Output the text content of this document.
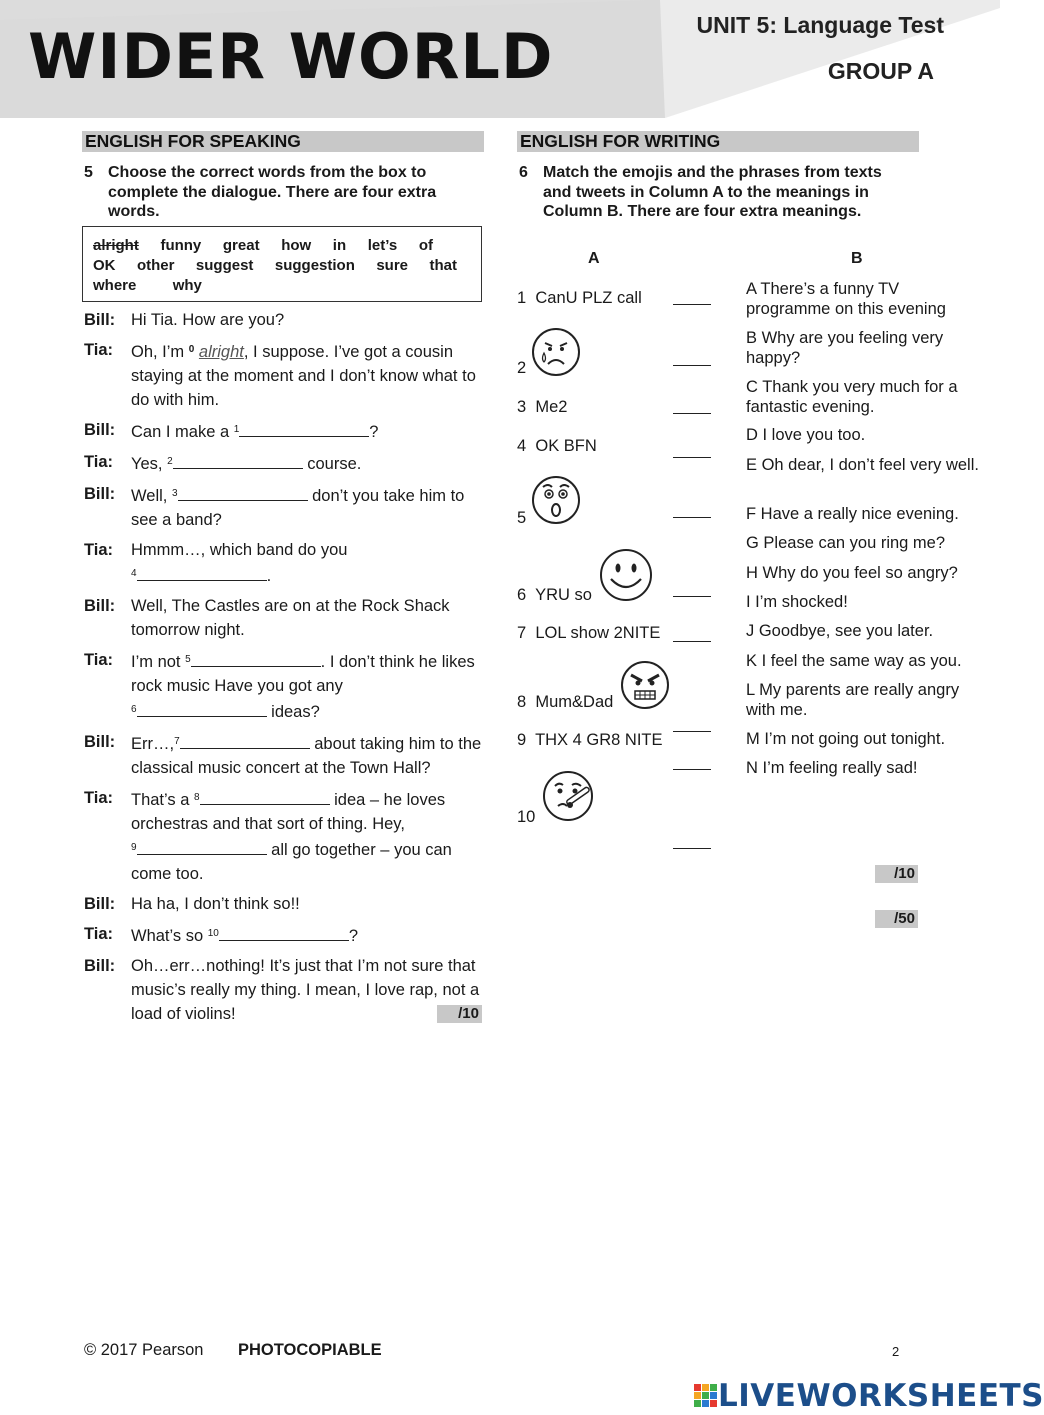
WIDER WORLD	UNIT 5: Language Test
GROUP A
ENGLISH FOR SPEAKING
5 Choose the correct words from the box to complete the dialogue. There are four extra words.
alright funny great how in let’s of
OK other suggest suggestion sure that
where why
Bill: Hi Tia. How are you?
Tia: Oh, I’m $^0$ alright, I suppose. I’ve got a cousin staying at the moment and I don’t know what to do with him.
Bill: Can I make a $^1$	?
Tia: Yes, $^2$	course.
Bill: Well, $^3$	don’t you take him to see a band?
Tia: Hmmm…, which band do you
$^4$	.
Bill: Well, The Castles are on at the Rock Shack tomorrow night.
Tia: I’m not $^5$	. I don’t think he likes rock music Have you got any
$^6$	ideas?
Bill: Err…,$^7$	about taking him to the classical music concert at the Town Hall?
Tia: That’s a $^8$	idea – he loves orchestras and that sort of thing. Hey,
$^9$	all go together – you can come too.
Bill: Ha ha, I don’t think so!!
Tia: What’s so $^{10}$	?
Bill: Oh…err…nothing! It’s just that I’m not sure that music’s really my thing. I mean, I love rap, not a load of violins!	/10
ENGLISH FOR WRITING
6 Match the emojis and the phrases from texts and tweets in Column A to the meanings in Column B. There are four extra meanings.
A	B
1 CanU PLZ call
2
3 Me2
4 OK BFN
5
6 YRU so
7 LOL show 2NITE
8 Mum&Dad
9 THX 4 GR8 NITE
10
A There’s a funny TV programme on this evening
B Why are you feeling very happy?
C Thank you very much for a fantastic evening.
D I love you too.
E Oh dear, I don’t feel very well.
F Have a really nice evening.
G Please can you ring me?
H Why do you feel so angry?
I I’m shocked!
J Goodbye, see you later.
K I feel the same way as you.
L My parents are really angry with me.
M I’m not going out tonight.
N I’m feeling really sad!
/10
/50
© 2017 Pearson PHOTOCOPIABLE	2
LIVEWORKSHEETS
